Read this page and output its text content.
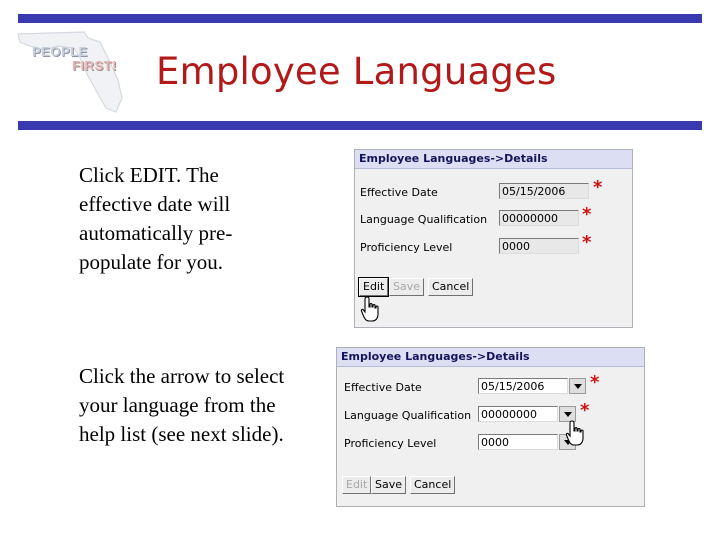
PEOPLE
FIRST! Employee Languages
Click EDIT. The effective date will automatically pre-populate for you.
Click the arrow to select your language from the help list (see next slide).
Employee Languages->Details
Effective Date	05/15/2006	*
Language Qualification 00000000	*
Proficiency Level	0000	*
Edit Save	Cancel
Employee Languages->Details
Effective Date	05/15/2006	*
Language Qualification 00000000	*
Proficiency Level	0000
Edit Save	Cancel
